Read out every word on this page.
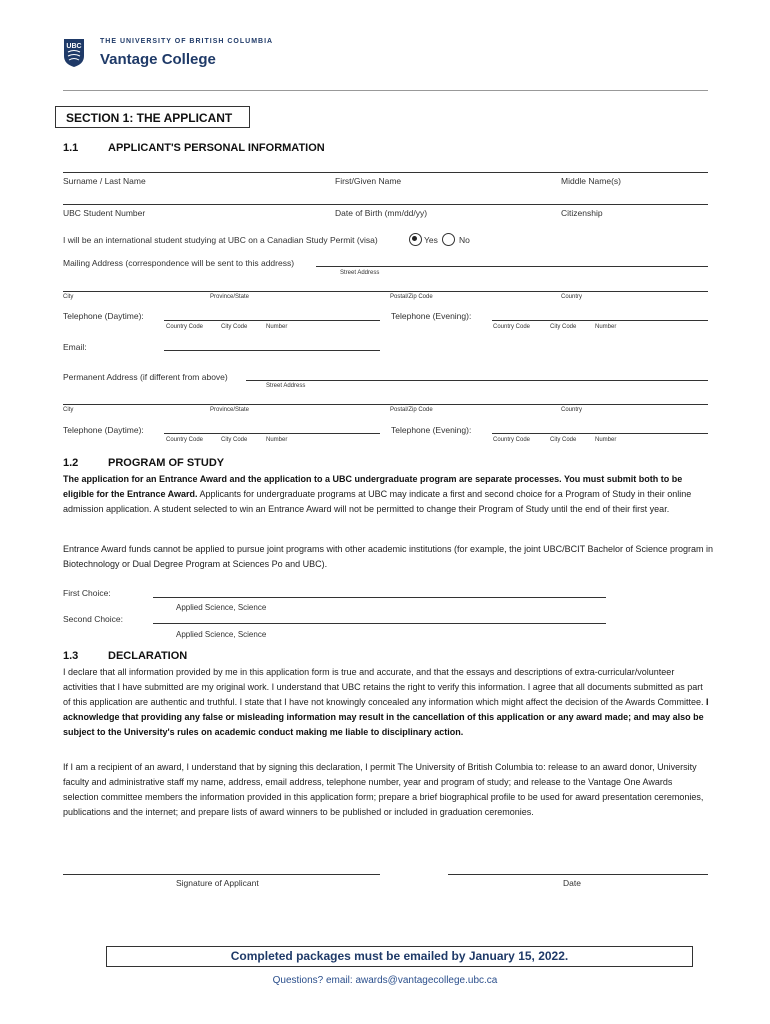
UBC
THE UNIVERSITY OF BRITISH COLUMBIA
Vantage College
SECTION 1: THE APPLICANT
1.1	APPLICANT'S PERSONAL INFORMATION
Surname / Last Name	First/Given Name	Middle Name(s)
UBC Student Number	Date of Birth (mm/dd/yy)	Citizenship
I will be an international student studying at UBC on a Canadian Study Permit (visa)	Yes No
Mailing Address (correspondence will be sent to this address)
Street Address
City	Province/State	Postal/Zip Code	Country
Telephone (Daytime):
Country Code	City Code	Number
Telephone (Evening):
Country Code	City Code	Number
Email:
Permanent Address (if different from above)
Street Address
City	Province/State	Postal/Zip Code	Country
Telephone (Daytime):
Country Code	City Code	Number
Telephone (Evening):
Country Code	City Code	Number
1.2	PROGRAM OF STUDY
The application for an Entrance Award and the application to a UBC undergraduate program are separate processes. You must submit both to be eligible for the Entrance Award. Applicants for undergraduate programs at UBC may indicate a first and second choice for a Program of Study in their online admission application. A student selected to win an Entrance Award will not be permitted to change their Program of Study until the end of their first year.
Entrance Award funds cannot be applied to pursue joint programs with other academic institutions (for example, the joint UBC/BCIT Bachelor of Science program in Biotechnology or Dual Degree Program at Sciences Po and UBC).
First Choice:
Applied Science, Science
Second Choice:
Applied Science, Science
1.3	DECLARATION
I declare that all information provided by me in this application form is true and accurate, and that the essays and descriptions of extra-curricular/volunteer activities that I have submitted are my original work. I understand that UBC retains the right to verify this information. I agree that all documents submitted as part of this application are authentic and truthful. I state that I have not knowingly concealed any information which might affect the decision of the Awards Committee. I acknowledge that providing any false or misleading information may result in the cancellation of this application or any award made; and may also be subject to the University's rules on academic conduct making me liable to disciplinary action.
If I am a recipient of an award, I understand that by signing this declaration, I permit The University of British Columbia to: release to an award donor, University faculty and administrative staff my name, address, email address, telephone number, year and program of study; and release to the Vantage One Awards selection committee members the information provided in this application form; prepare a brief biographical profile to be used for award presentation ceremonies, publications and the internet; and prepare lists of award winners to be published or included in graduation ceremonies.
Signature of Applicant	Date
Completed packages must be emailed by January 15, 2022.
Questions? email: awards@vantagecollege.ubc.ca
